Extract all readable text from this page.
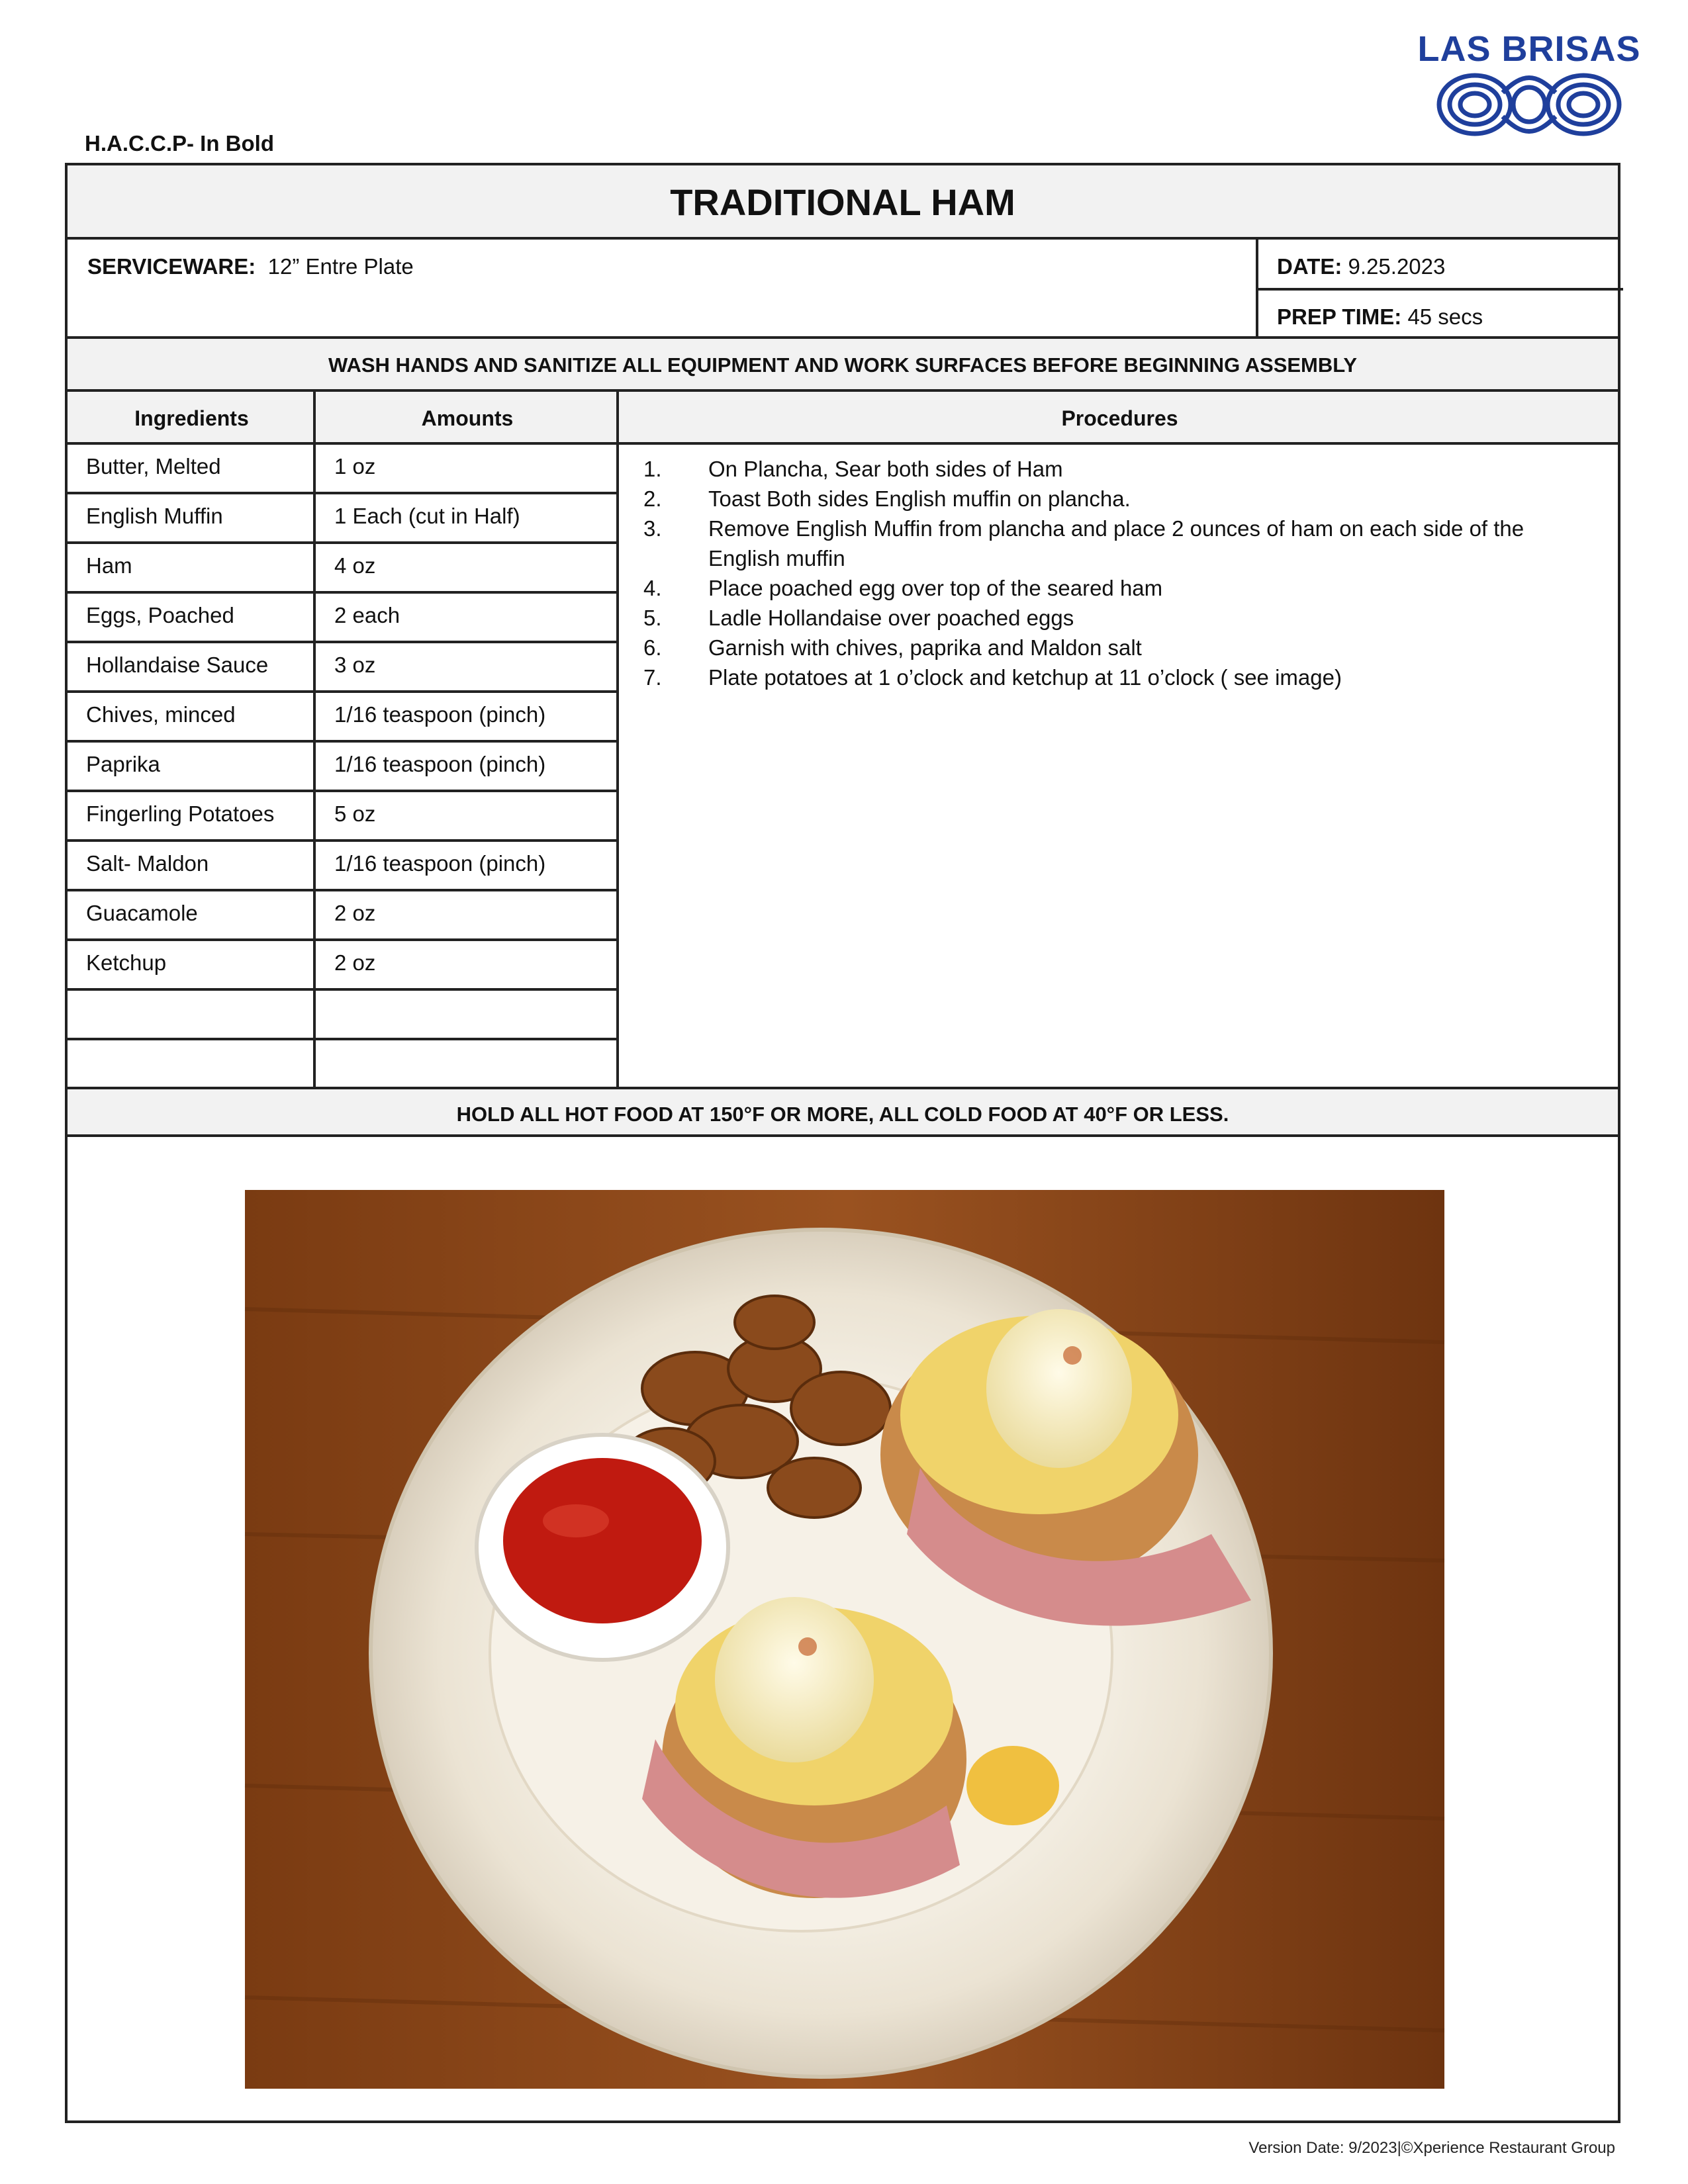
LAS BRISAS
H.A.C.C.P- In Bold
TRADITIONAL HAM
SERVICEWARE: 12” Entre Plate	DATE: 9.25.2023
PREP TIME: 45 secs
WASH HANDS AND SANITIZE ALL EQUIPMENT AND WORK SURFACES BEFORE BEGINNING ASSEMBLY
Ingredients	Amounts	Procedures
Butter, Melted	1 oz
English Muffin	1 Each (cut in Half)
Ham	4 oz
Eggs, Poached	2 each
Hollandaise Sauce	3 oz
Chives, minced	1/16 teaspoon (pinch)
Paprika	1/16 teaspoon (pinch)
Fingerling Potatoes	5 oz
Salt- Maldon	1/16 teaspoon (pinch)
Guacamole	2 oz
Ketchup	2 oz
1. On Plancha, Sear both sides of Ham
2. Toast Both sides English muffin on plancha.
3. Remove English Muffin from plancha and place 2 ounces of ham on each side of the English muffin
4. Place poached egg over top of the seared ham
5. Ladle Hollandaise over poached eggs
6. Garnish with chives, paprika and Maldon salt
7. Plate potatoes at 1 o’clock and ketchup at 11 o’clock ( see image)
HOLD ALL HOT FOOD AT 150°F OR MORE, ALL COLD FOOD AT 40°F OR LESS.
Version Date: 9/2023|©Xperience Restaurant Group
